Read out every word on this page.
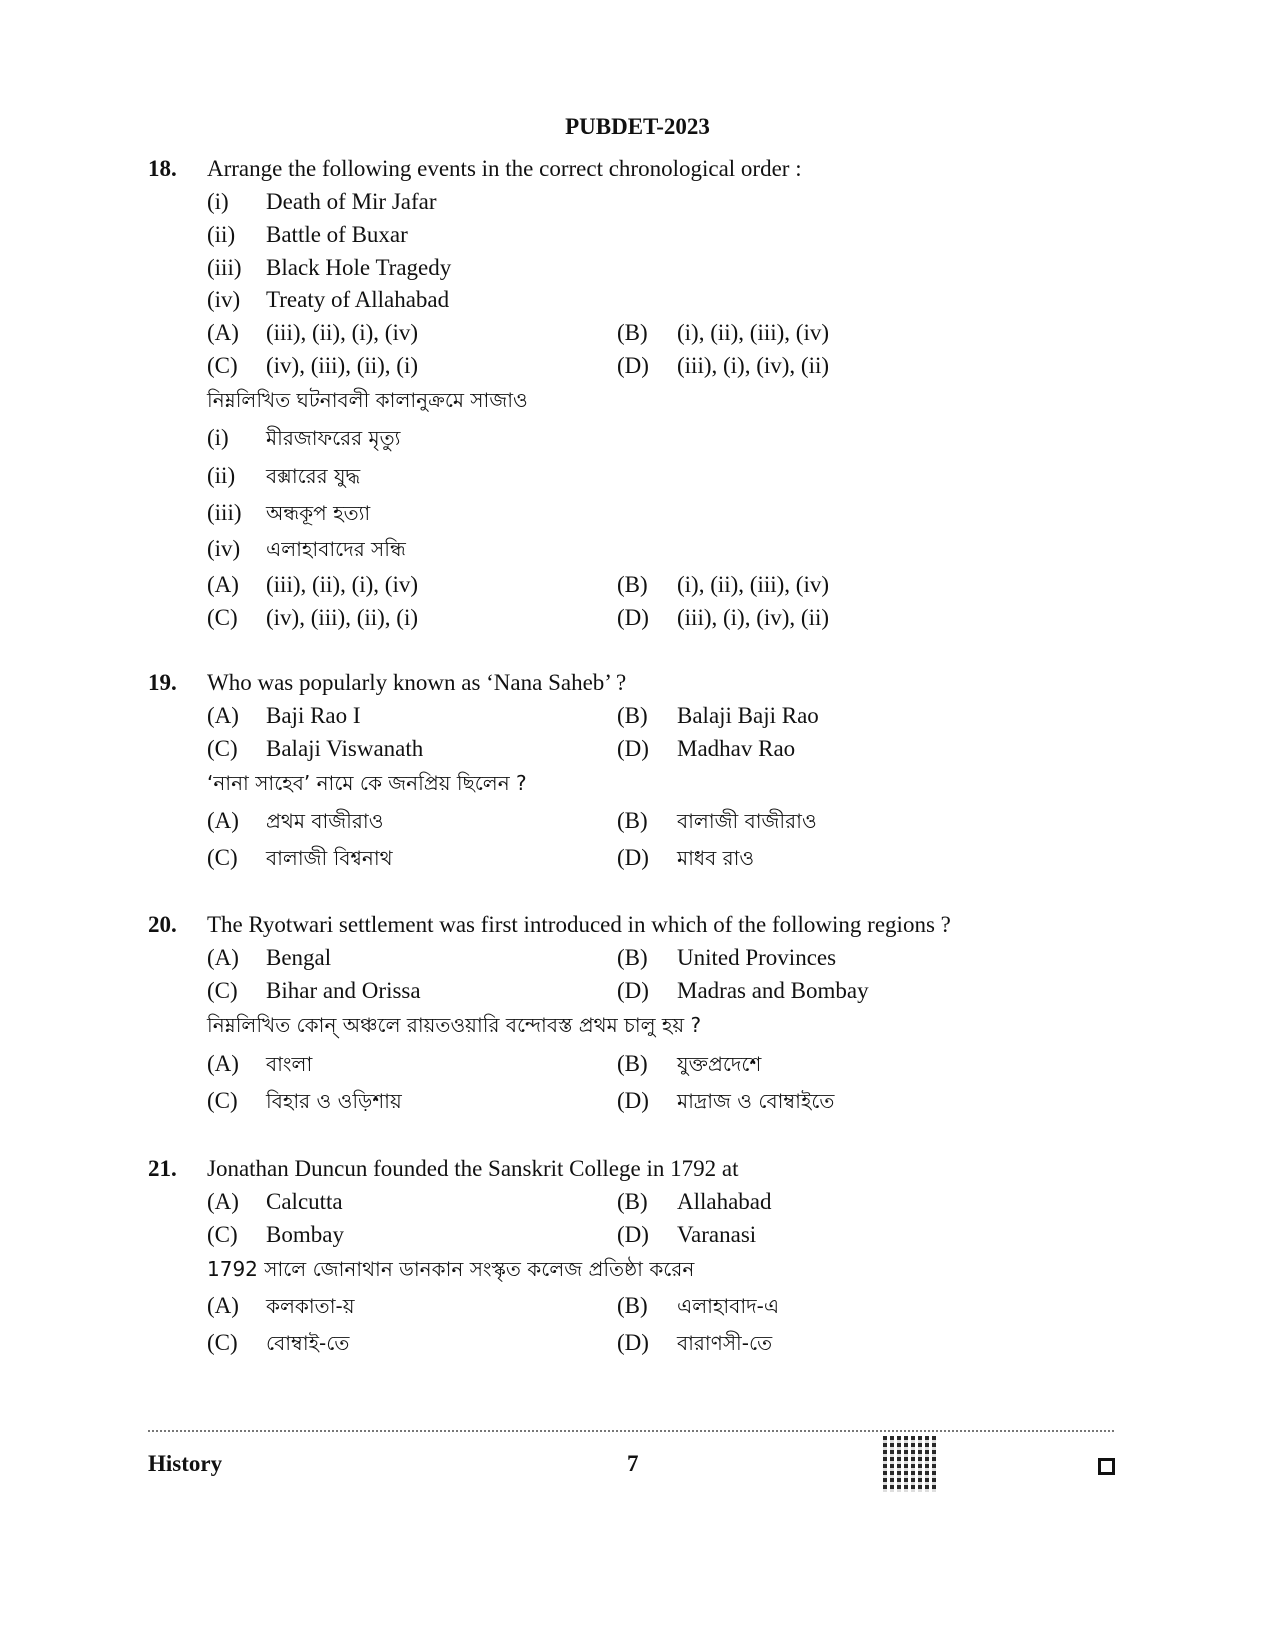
PUBDET-2023
18. Arrange the following events in the correct chronological order :
(i) Death of Mir Jafar
(ii) Battle of Buxar
(iii) Black Hole Tragedy
(iv) Treaty of Allahabad
(A) (iii), (ii), (i), (iv)	(B) (i), (ii), (iii), (iv)
(C) (iv), (iii), (ii), (i)	(D) (iii), (i), (iv), (ii)
নিম্নলিখিত ঘটনাবলী কালানুক্রমে সাজাও
(i) মীরজাফরের মৃত্যু
(ii) বক্সারের যুদ্ধ
(iii) অন্ধকূপ হত্যা
(iv) এলাহাবাদের সন্ধি
(A) (iii), (ii), (i), (iv)	(B) (i), (ii), (iii), (iv)
(C) (iv), (iii), (ii), (i)	(D) (iii), (i), (iv), (ii)
19. Who was popularly known as ‘Nana Saheb’ ?
(A) Baji Rao I	(B) Balaji Baji Rao
(C) Balaji Viswanath	(D) Madhav Rao
‘নানা সাহেব’ নামে কে জনপ্রিয় ছিলেন ?
(A) প্রথম বাজীরাও	(B) বালাজী বাজীরাও
(C) বালাজী বিশ্বনাথ	(D) মাধব রাও
20. The Ryotwari settlement was first introduced in which of the following regions ?
(A) Bengal	(B) United Provinces
(C) Bihar and Orissa	(D) Madras and Bombay
নিম্নলিখিত কোন্ অঞ্চলে রায়তওয়ারি বন্দোবস্ত প্রথম চালু হয় ?
(A) বাংলা	(B) যুক্তপ্রদেশে
(C) বিহার ও ওড়িশায়	(D) মাদ্রাজ ও বোম্বাইতে
21. Jonathan Duncun founded the Sanskrit College in 1792 at
(A) Calcutta	(B) Allahabad
(C) Bombay	(D) Varanasi
1792 সালে জোনাথান ডানকান সংস্কৃত কলেজ প্রতিষ্ঠা করেন
(A) কলকাতা-য়	(B) এলাহাবাদ-এ
(C) বোম্বাই-তে	(D) বারাণসী-তে
History	7
